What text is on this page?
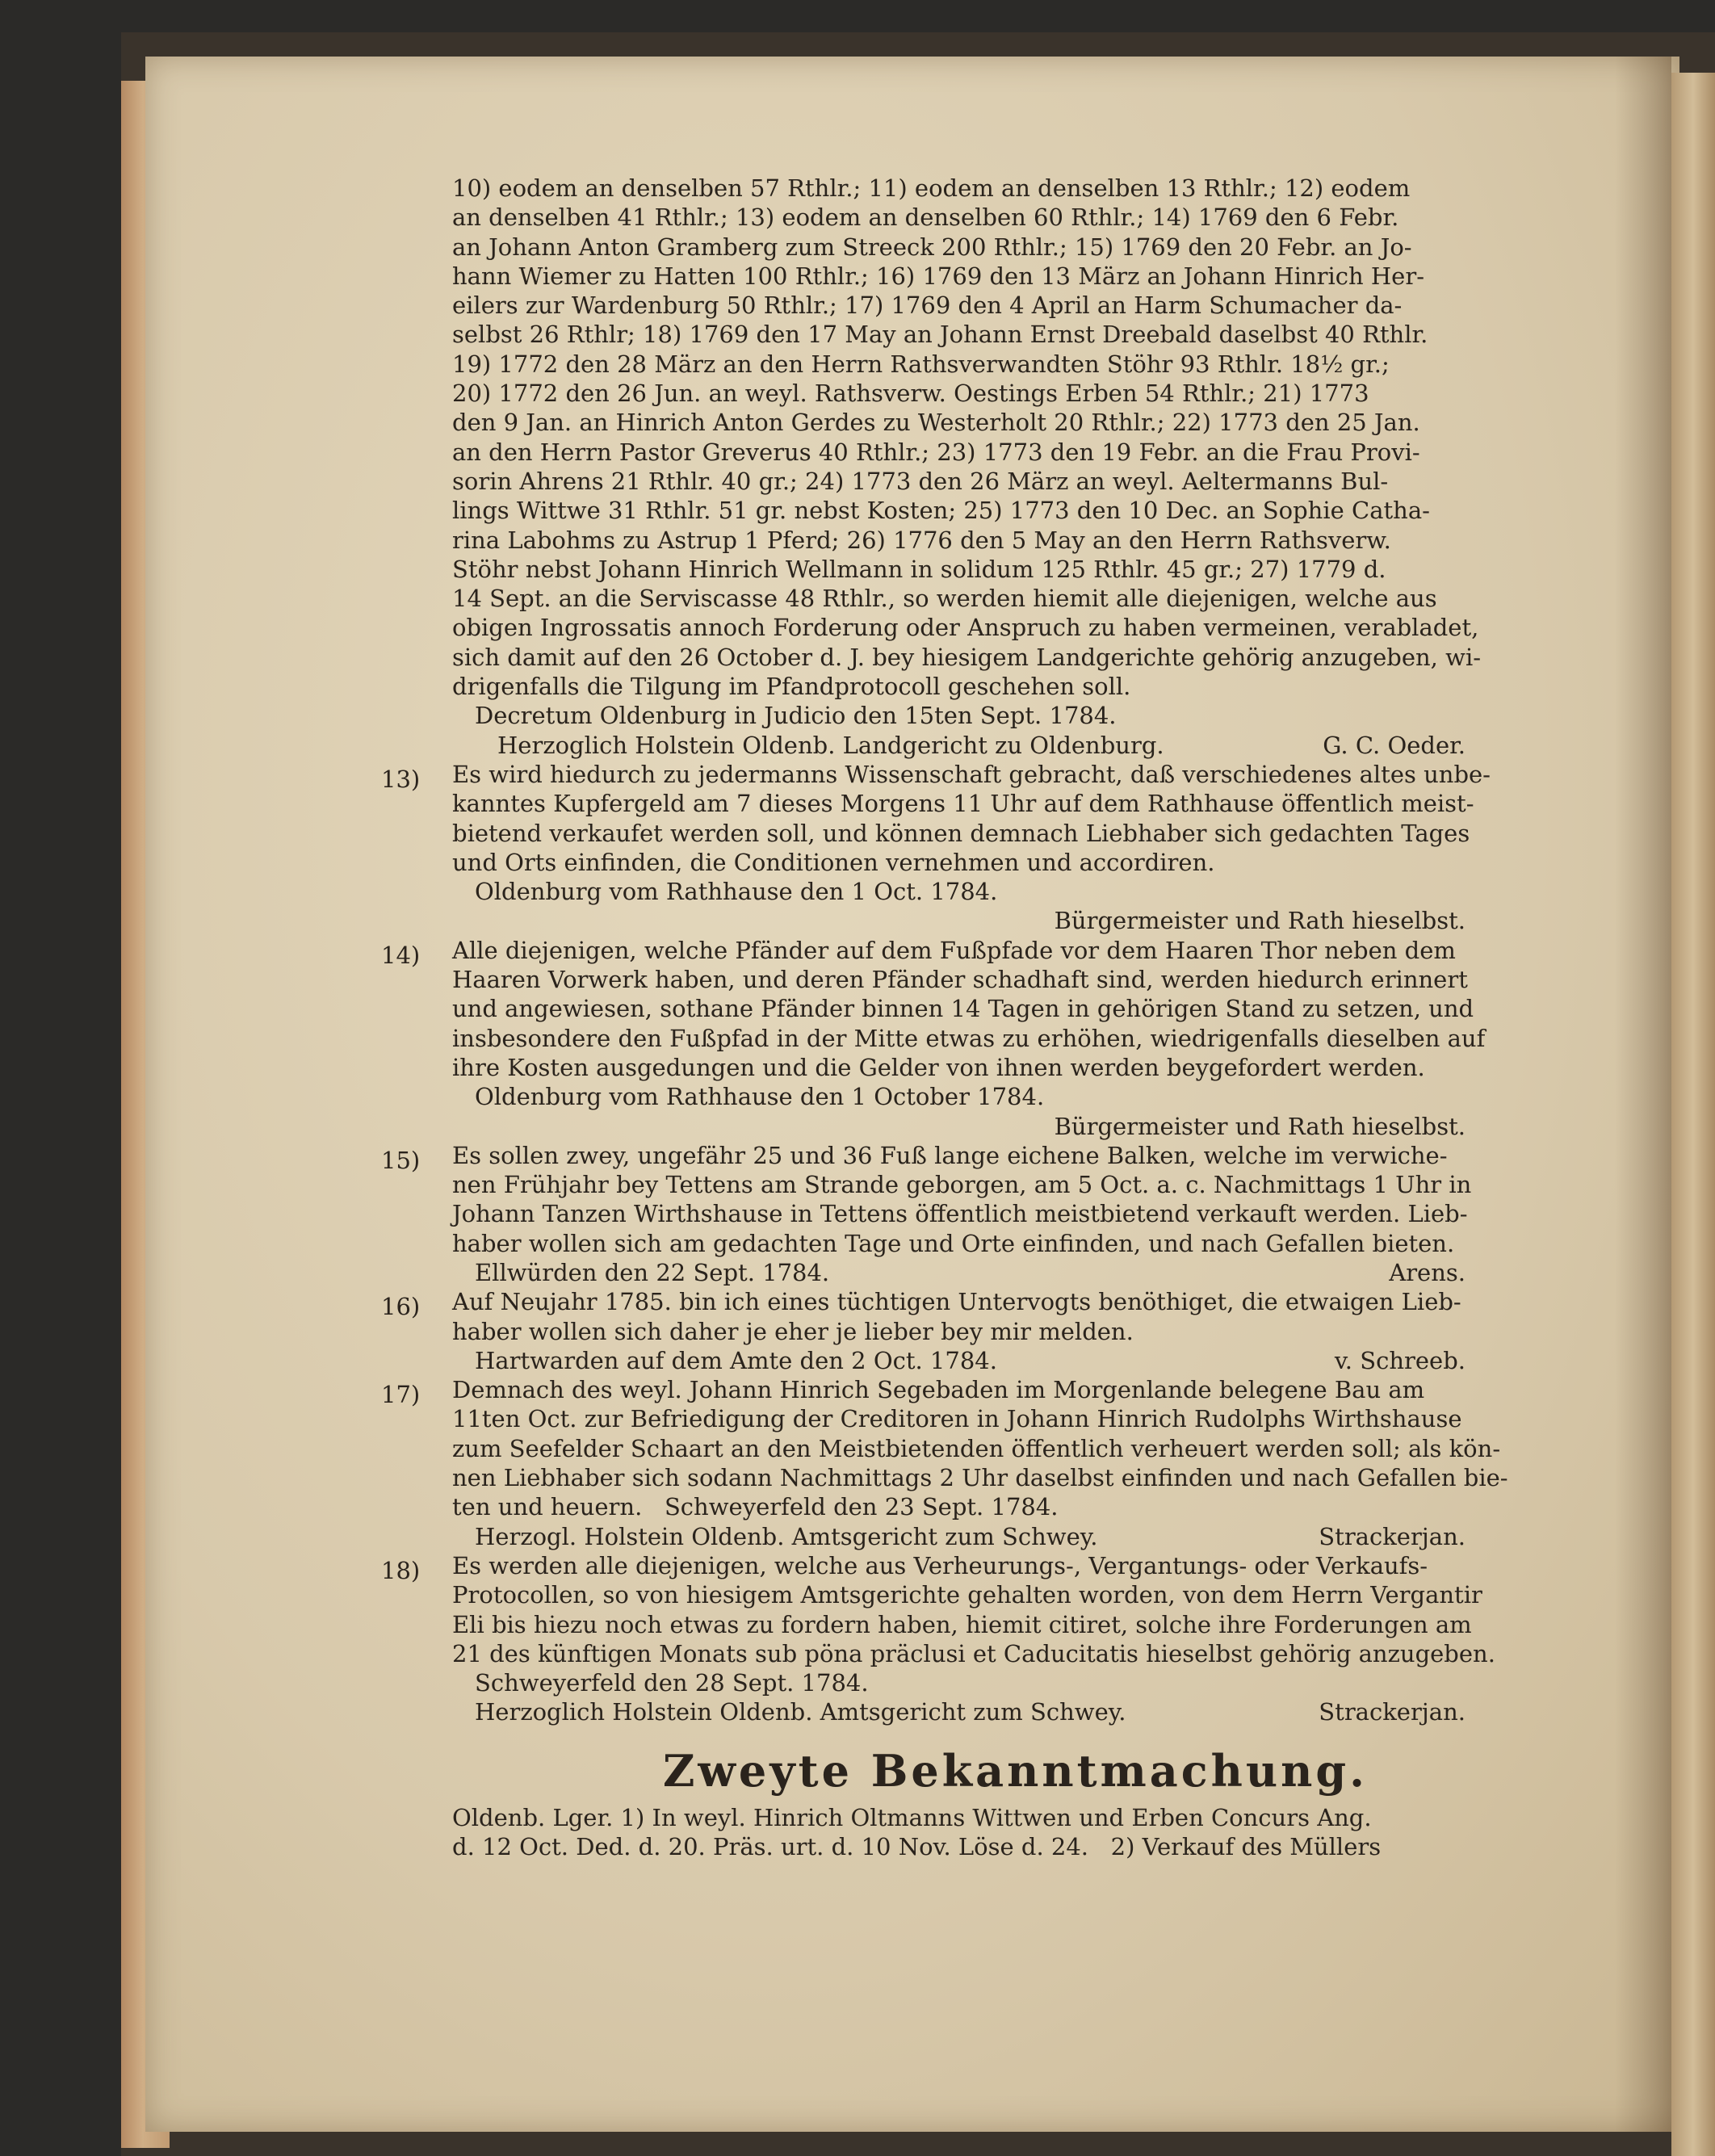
10) eodem an denselben 57 Rthlr.; 11) eodem an denselben 13 Rthlr.; 12) eodem

an denselben 41 Rthlr.; 13) eodem an denselben 60 Rthlr.; 14) 1769 den 6 Febr.

an Johann Anton Gramberg zum Streeck 200 Rthlr.; 15) 1769 den 20 Febr. an Jo-

hann Wiemer zu Hatten 100 Rthlr.; 16) 1769 den 13 März an Johann Hinrich Her-

eilers zur Wardenburg 50 Rthlr.; 17) 1769 den 4 April an Harm Schumacher da-

selbst 26 Rthlr; 18) 1769 den 17 May an Johann Ernst Dreebald daselbst 40 Rthlr.

19) 1772 den 28 März an den Herrn Rathsverwandten Stöhr 93 Rthlr. 18½ gr.;

20) 1772 den 26 Jun. an weyl. Rathsverw. Oestings Erben 54 Rthlr.; 21) 1773

den 9 Jan. an Hinrich Anton Gerdes zu Westerholt 20 Rthlr.; 22) 1773 den 25 Jan.

an den Herrn Pastor Greverus 40 Rthlr.; 23) 1773 den 19 Febr. an die Frau Provi-

sorin Ahrens 21 Rthlr. 40 gr.; 24) 1773 den 26 März an weyl. Aeltermanns Bul-

lings Wittwe 31 Rthlr. 51 gr. nebst Kosten; 25) 1773 den 10 Dec. an Sophie Catha-

rina Labohms zu Astrup 1 Pferd; 26) 1776 den 5 May an den Herrn Rathsverw.

Stöhr nebst Johann Hinrich Wellmann in solidum 125 Rthlr. 45 gr.; 27) 1779 d.

14 Sept. an die Serviscasse 48 Rthlr., so werden hiemit alle diejenigen, welche aus

obigen Ingrossatis annoch Forderung oder Anspruch zu haben vermeinen, verabladet,

sich damit auf den 26 October d. J. bey hiesigem Landgerichte gehörig anzugeben, wi-

drigenfalls die Tilgung im Pfandprotocoll geschehen soll.

Decretum Oldenburg in Judicio den 15ten Sept. 1784.

Herzoglich Holstein Oldenb. Landgericht zu Oldenburg.	G. C. Oeder.
13) Es wird hiedurch zu jedermanns Wissenschaft gebracht, daß verschiedenes altes unbe-

kanntes Kupfergeld am 7 dieses Morgens 11 Uhr auf dem Rathhause öffentlich meist-

bietend verkaufet werden soll, und können demnach Liebhaber sich gedachten Tages

und Orts einfinden, die Conditionen vernehmen und accordiren.

Oldenburg vom Rathhause den 1 Oct. 1784.

Bürgermeister und Rath hieselbst.

14) Alle diejenigen, welche Pfänder auf dem Fußpfade vor dem Haaren Thor neben dem

Haaren Vorwerk haben, und deren Pfänder schadhaft sind, werden hiedurch erinnert

und angewiesen, sothane Pfänder binnen 14 Tagen in gehörigen Stand zu setzen, und

insbesondere den Fußpfad in der Mitte etwas zu erhöhen, wiedrigenfalls dieselben auf

ihre Kosten ausgedungen und die Gelder von ihnen werden beygefordert werden.

Oldenburg vom Rathhause den 1 October 1784.

Bürgermeister und Rath hieselbst.

15) Es sollen zwey, ungefähr 25 und 36 Fuß lange eichene Balken, welche im verwiche-

nen Frühjahr bey Tettens am Strande geborgen, am 5 Oct. a. c. Nachmittags 1 Uhr in

Johann Tanzen Wirthshause in Tettens öffentlich meistbietend verkauft werden. Lieb-

haber wollen sich am gedachten Tage und Orte einfinden, und nach Gefallen bieten.

Ellwürden den 22 Sept. 1784.	Arens.
16) Auf Neujahr 1785. bin ich eines tüchtigen Untervogts benöthiget, die etwaigen Lieb-

haber wollen sich daher je eher je lieber bey mir melden.

Hartwarden auf dem Amte den 2 Oct. 1784.	v. Schreeb.
17) Demnach des weyl. Johann Hinrich Segebaden im Morgenlande belegene Bau am

11ten Oct. zur Befriedigung der Creditoren in Johann Hinrich Rudolphs Wirthshause

zum Seefelder Schaart an den Meistbietenden öffentlich verheuert werden soll; als kön-

nen Liebhaber sich sodann Nachmittags 2 Uhr daselbst einfinden und nach Gefallen bie-

ten und heuern.   Schweyerfeld den 23 Sept. 1784.

Herzogl. Holstein Oldenb. Amtsgericht zum Schwey.	Strackerjan.
18) Es werden alle diejenigen, welche aus Verheurungs-, Vergantungs- oder Verkaufs-

Protocollen, so von hiesigem Amtsgerichte gehalten worden, von dem Herrn Vergantir

Eli bis hiezu noch etwas zu fordern haben, hiemit citiret, solche ihre Forderungen am

21 des künftigen Monats sub pöna präclusi et Caducitatis hieselbst gehörig anzugeben.

Schweyerfeld den 28 Sept. 1784.

Herzoglich Holstein Oldenb. Amtsgericht zum Schwey.	Strackerjan.
Zweyte Bekanntmachung.

Oldenb. Lger. 1) In weyl. Hinrich Oltmanns Wittwen und Erben Concurs Ang.

d. 12 Oct. Ded. d. 20. Präs. urt. d. 10 Nov. Löse d. 24.   2) Verkauf des Müllers
